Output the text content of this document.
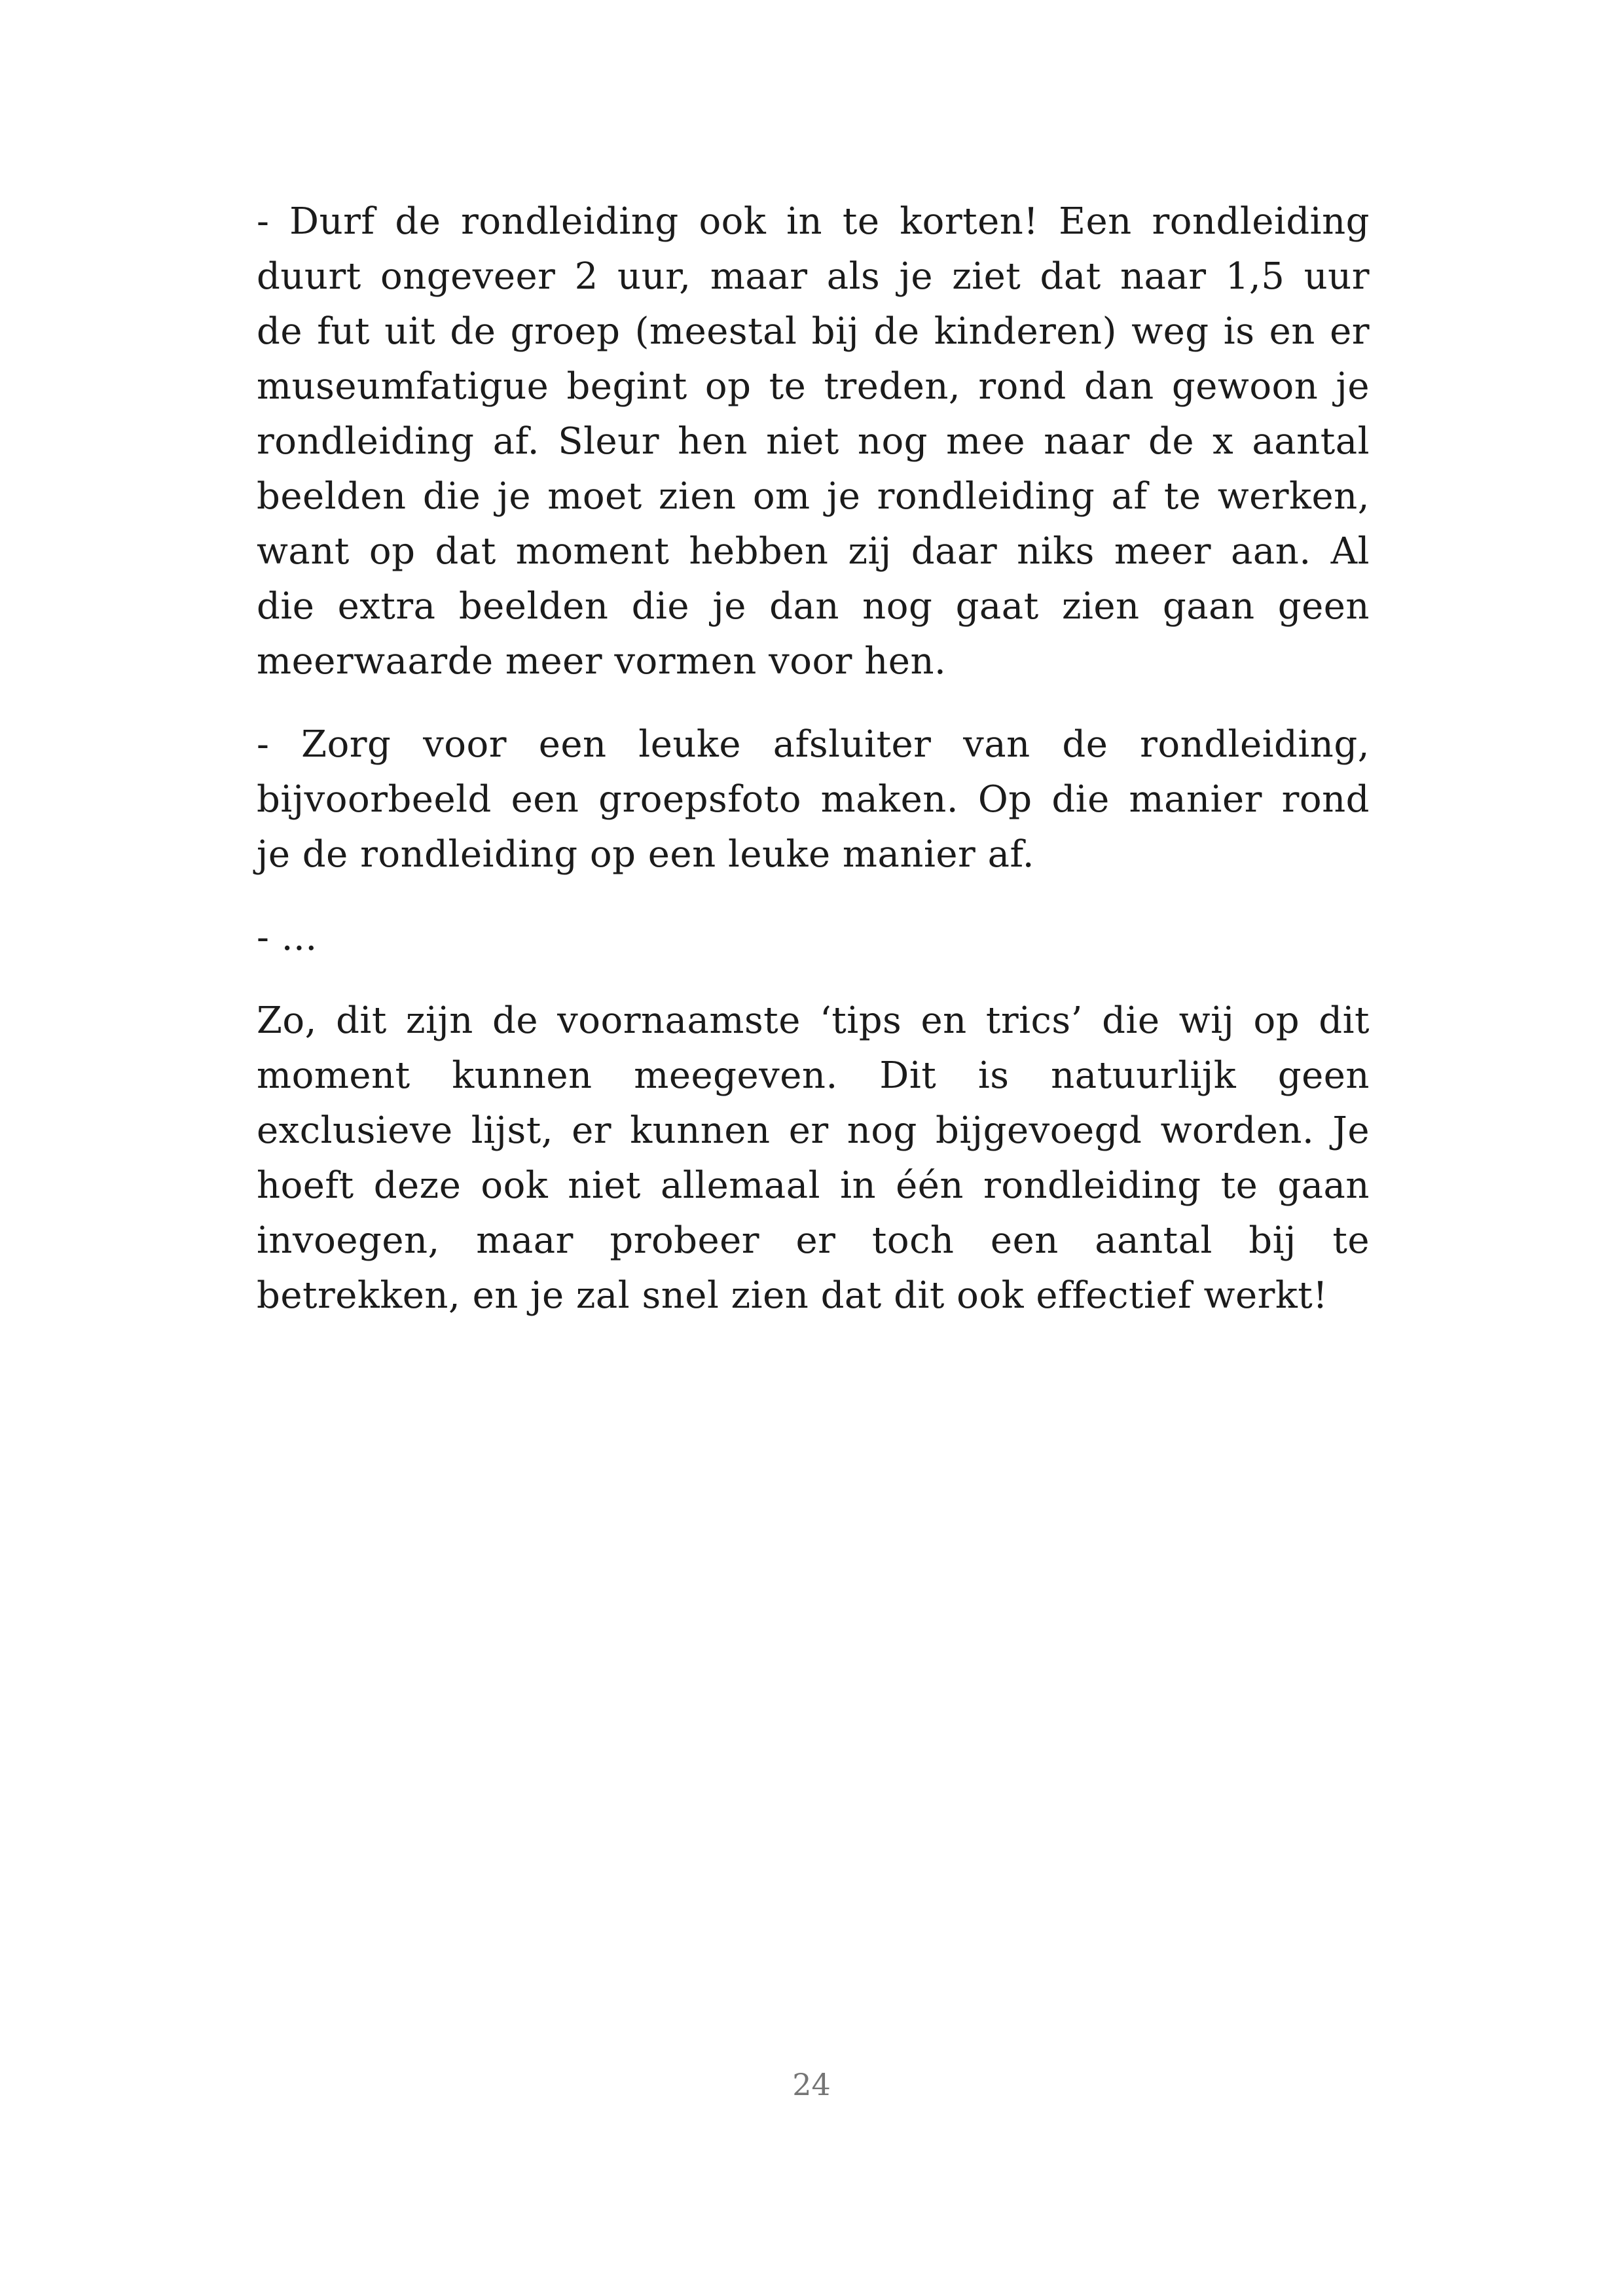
- Durf de rondleiding ook in te korten! Een rondleiding
duurt ongeveer 2 uur, maar als je ziet dat naar 1,5 uur
de fut uit de groep (meestal bij de kinderen) weg is en er
museumfatigue begint op te treden, rond dan gewoon je
rondleiding af. Sleur hen niet nog mee naar de x aantal
beelden die je moet zien om je rondleiding af te werken,
want op dat moment hebben zij daar niks meer aan. Al
die extra beelden die je dan nog gaat zien gaan geen
meerwaarde meer vormen voor hen.
- Zorg voor een leuke afsluiter van de rondleiding,
bijvoorbeeld een groepsfoto maken. Op die manier rond
je de rondleiding op een leuke manier af.
- ...
Zo, dit zijn de voornaamste ‘tips en trics’ die wij op dit
moment kunnen meegeven. Dit is natuurlijk geen
exclusieve lijst, er kunnen er nog bijgevoegd worden. Je
hoeft deze ook niet allemaal in één rondleiding te gaan
invoegen, maar probeer er toch een aantal bij te
betrekken, en je zal snel zien dat dit ook effectief werkt!
24
